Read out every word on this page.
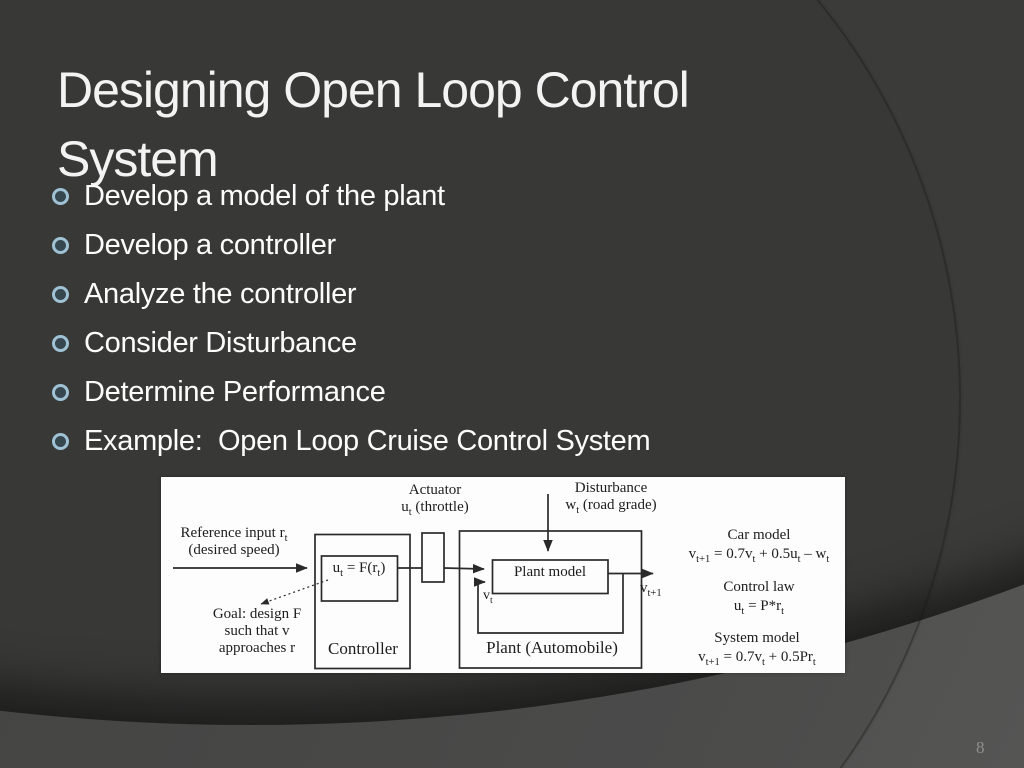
Designing Open Loop Control System
Develop a model of the plant
Develop a controller
Analyze the controller
Consider Disturbance
Determine Performance
Example:  Open Loop Cruise Control System
Reference input $r_t$
(desired speed)
Goal: design F
such that v
approaches r
Actuator
$u_t$ (throttle)
Disturbance
$w_t$ (road grade)
$u_t = F(r_t)$
Controller
Plant model
Plant (Automobile)
$v_t$
$v_{t+1}$
Car model
$v_{t+1} = 0.7v_t + 0.5u_t - w_t$
Control law
$u_t = P*r_t$
System model
$v_{t+1} = 0.7v_t + 0.5Pr_t$
8
